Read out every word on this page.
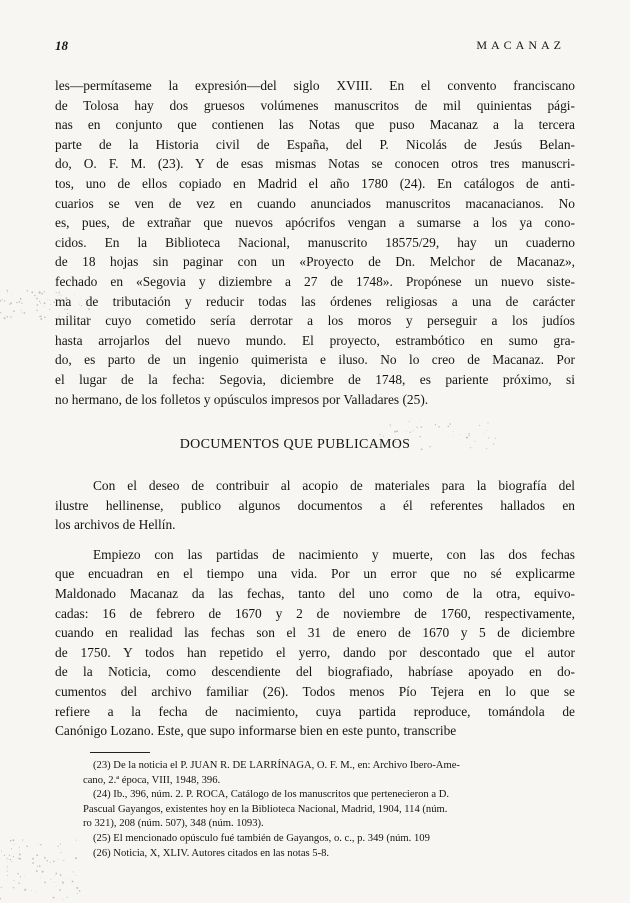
18	MACANAZ
les—permítaseme la expresión—del siglo XVIII. En el convento franciscano
de Tolosa hay dos gruesos volúmenes manuscritos de mil quinientas pági-
nas en conjunto que contienen las Notas que puso Macanaz a la tercera
parte de la Historia civil de España, del P. Nicolás de Jesús Belan-
do, O. F. M. (23). Y de esas mismas Notas se conocen otros tres manuscri-
tos, uno de ellos copiado en Madrid el año 1780 (24). En catálogos de anti-
cuarios se ven de vez en cuando anunciados manuscritos macanacianos. No
es, pues, de extrañar que nuevos apócrifos vengan a sumarse a los ya cono-
cidos. En la Biblioteca Nacional, manuscrito 18575/29, hay un cuaderno
de 18 hojas sin paginar con un «Proyecto de Dn. Melchor de Macanaz»,
fechado en «Segovia y diziembre a 27 de 1748». Propónese un nuevo siste-
ma de tributación y reducir todas las órdenes religiosas a una de carácter
militar cuyo cometido sería derrotar a los moros y perseguir a los judíos
hasta arrojarlos del nuevo mundo. El proyecto, estrambótico en sumo gra-
do, es parto de un ingenio quimerista e iluso. No lo creo de Macanaz. Por
el lugar de la fecha: Segovia, diciembre de 1748, es pariente próximo, si
no hermano, de los folletos y opúsculos impresos por Valladares (25).
DOCUMENTOS QUE PUBLICAMOS
Con el deseo de contribuir al acopio de materiales para la biografía del
ilustre hellinense, publico algunos documentos a él referentes hallados en
los archivos de Hellín.
Empiezo con las partidas de nacimiento y muerte, con las dos fechas
que encuadran en el tiempo una vida. Por un error que no sé explicarme
Maldonado Macanaz da las fechas, tanto del uno como de la otra, equivo-
cadas: 16 de febrero de 1670 y 2 de noviembre de 1760, respectivamente,
cuando en realidad las fechas son el 31 de enero de 1670 y 5 de diciembre
de 1750. Y todos han repetido el yerro, dando por descontado que el autor
de la Noticia, como descendiente del biografiado, habríase apoyado en do-
cumentos del archivo familiar (26). Todos menos Pío Tejera en lo que se
refiere a la fecha de nacimiento, cuya partida reproduce, tomándola de
Canónigo Lozano. Este, que supo informarse bien en este punto, transcribe
(23) De la noticia el P. JUAN R. DE LARRÍNAGA, O. F. M., en: Archivo Ibero-Ame-
cano, 2.ª época, VIII, 1948, 396.
(24) Ib., 396, núm. 2. P. ROCA, Catálogo de los manuscritos que pertenecieron a D.
Pascual Gayangos, existentes hoy en la Biblioteca Nacional, Madrid, 1904, 114 (núm.
ro 321), 208 (núm. 507), 348 (núm. 1093).
(25) El mencionado opúsculo fué también de Gayangos, o. c., p. 349 (núm. 109
(26) Noticia, X, XLIV. Autores citados en las notas 5-8.
